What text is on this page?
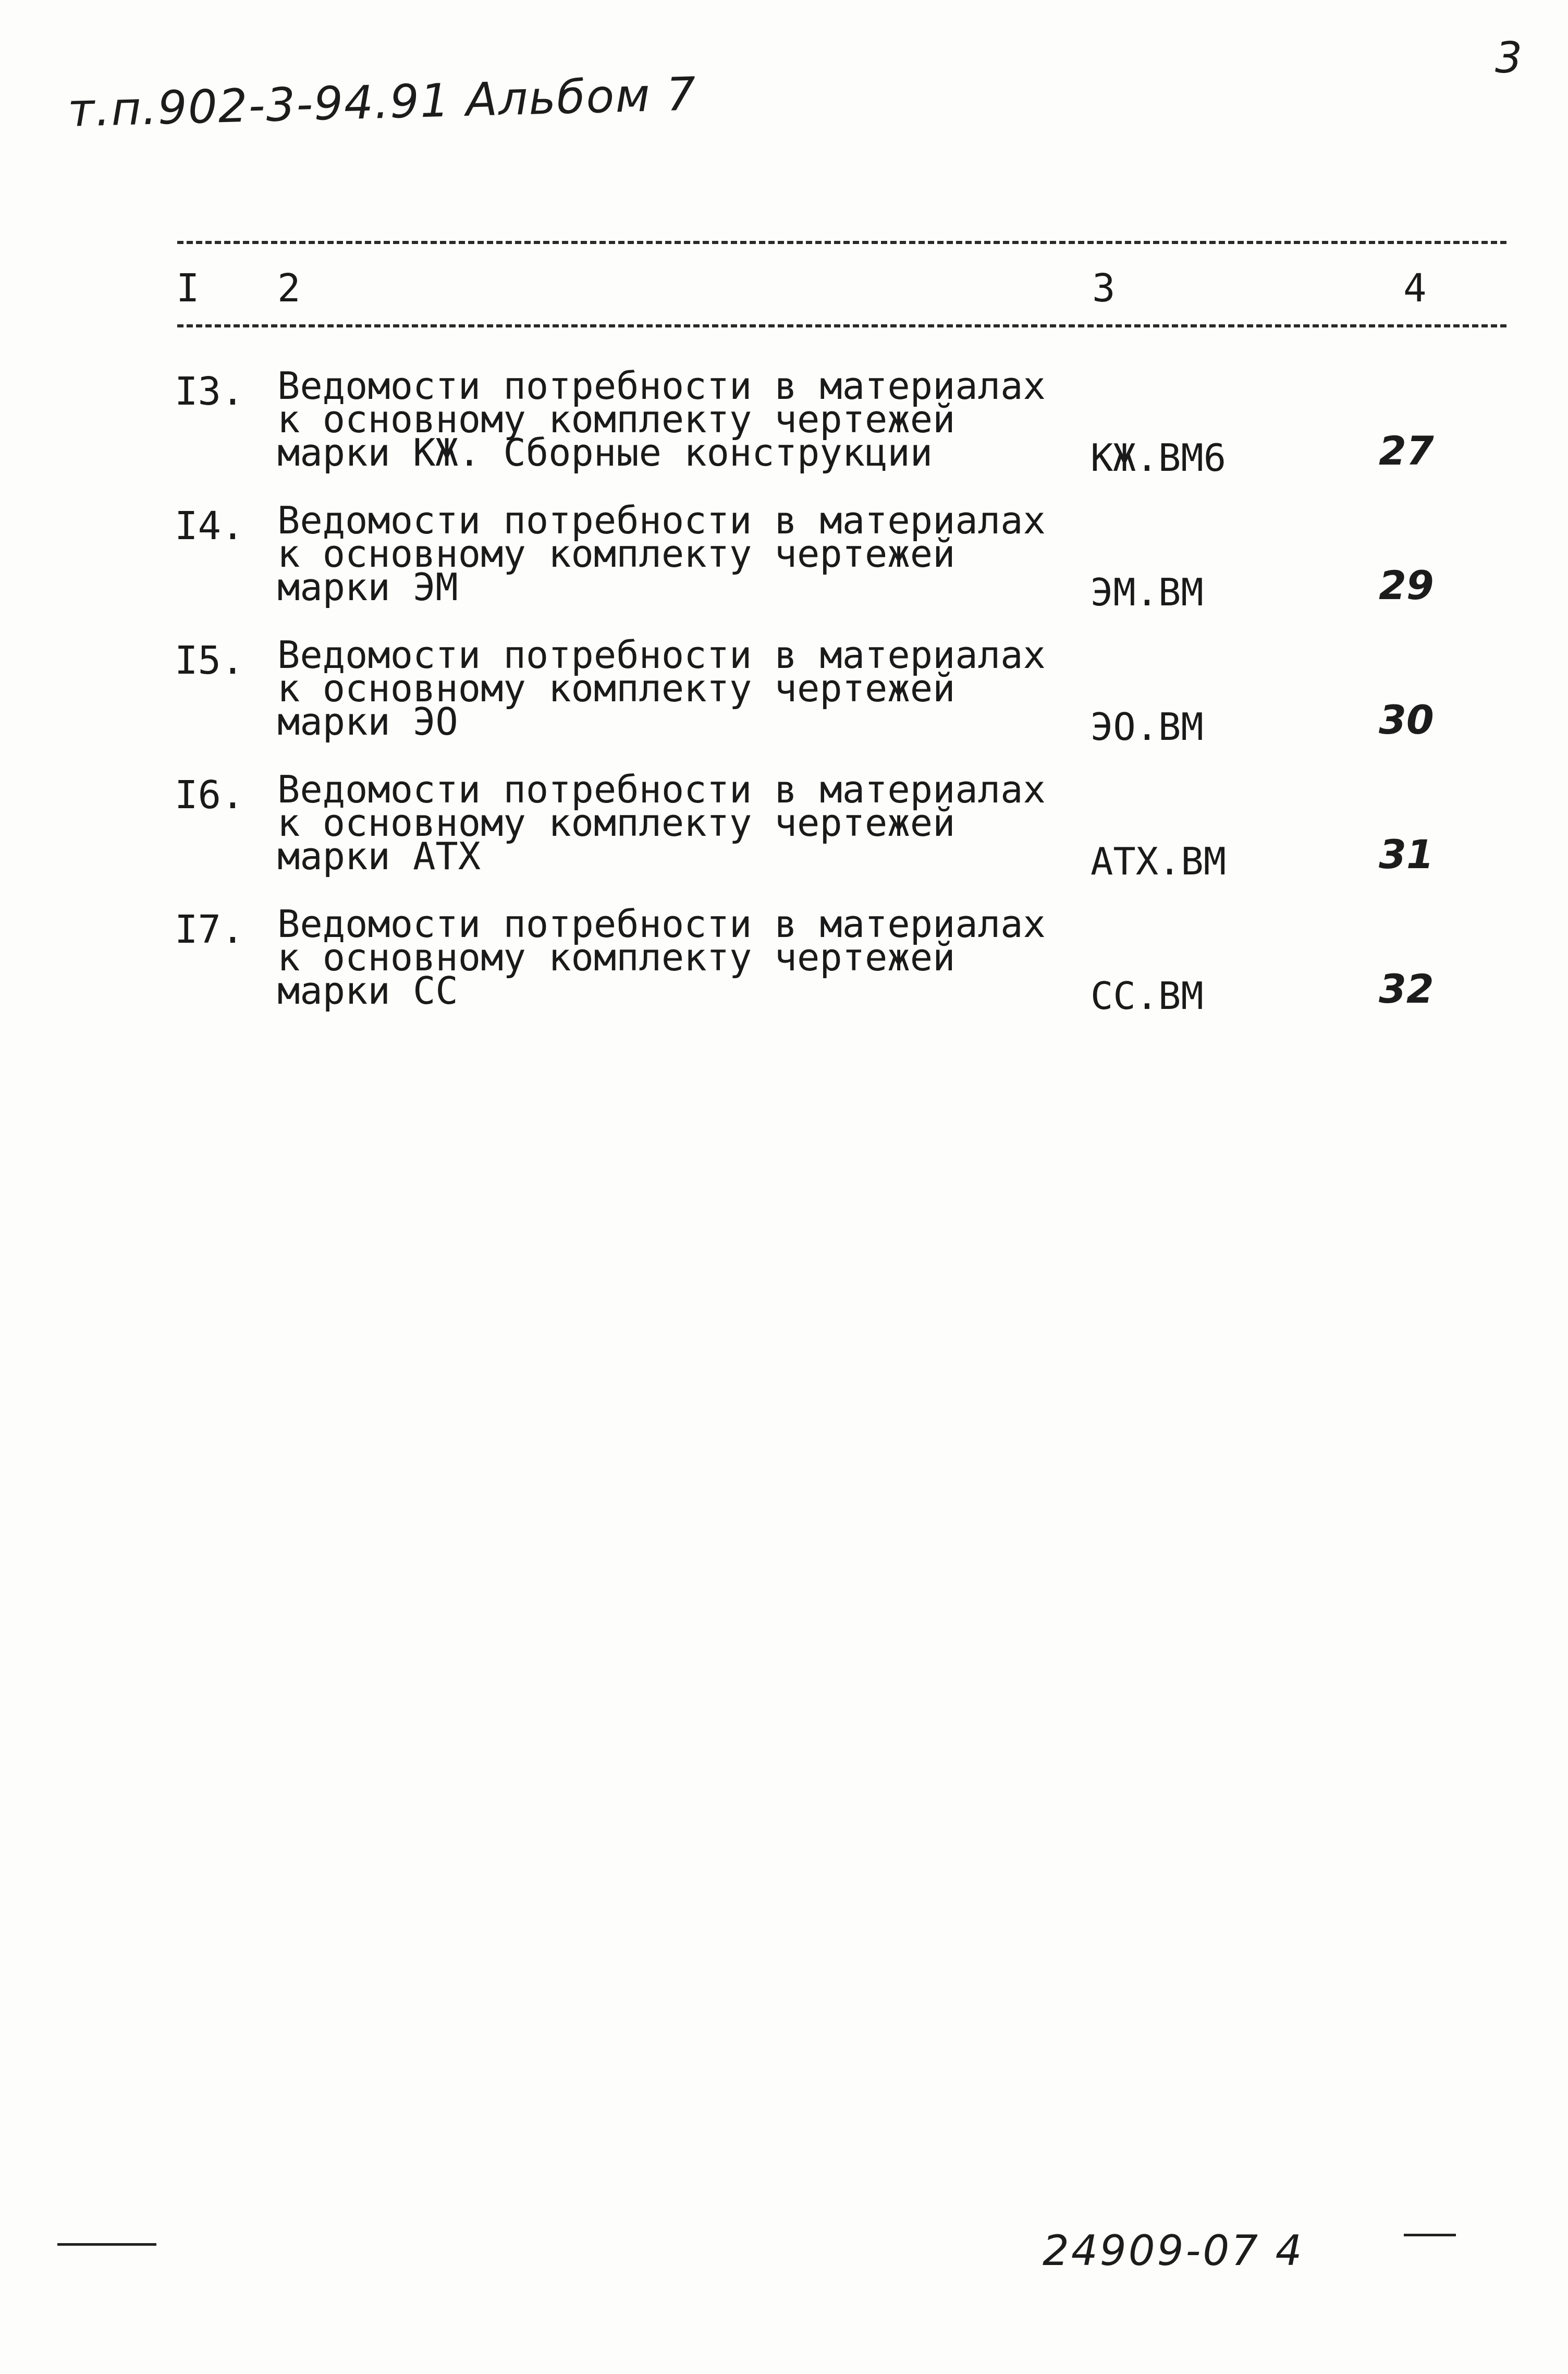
3
т.п.902-3-94.91 Альбом 7
I 2	3	4
I3. Ведомости потребности в материалах
к основному комплекту чертежей
марки КЖ. Сборные конструкции	КЖ.ВМ6	27
I4. Ведомости потребности в материалах
к основному комплекту чертежей
марки ЭМ	ЭМ.ВМ	29
I5. Ведомости потребности в материалах
к основному комплекту чертежей
марки ЭО	ЭО.ВМ	30
I6. Ведомости потребности в материалах
к основному комплекту чертежей
марки АТХ	АТХ.ВМ	31
I7. Ведомости потребности в материалах
к основному комплекту чертежей
марки СС	СС.ВМ	32
24909-07 4
